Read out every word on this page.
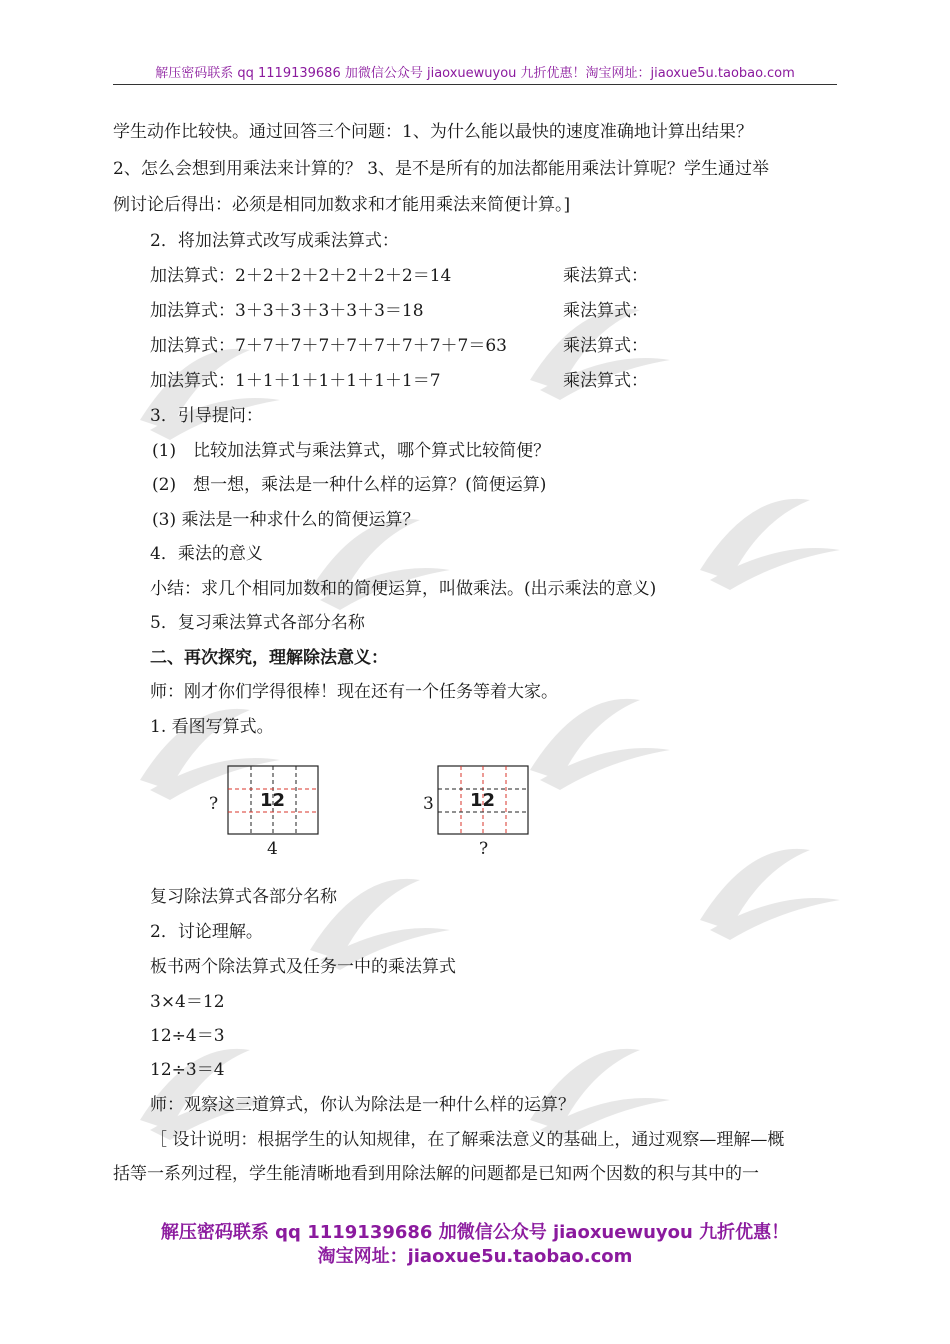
解压密码联系 qq 1119139686 加微信公众号 jiaoxuewuyou 九折优惠！淘宝网址：jiaoxue5u.taobao.com
学生动作比较快。通过回答三个问题：1、为什么能以最快的速度准确地计算出结果？
2、怎么会想到用乘法来计算的？ 3、是不是所有的加法都能用乘法计算呢？学生通过举
例讨论后得出：必须是相同加数求和才能用乘法来简便计算。]
2．将加法算式改写成乘法算式：
加法算式：2＋2＋2＋2＋2＋2＋2＝14	乘法算式：
加法算式：3＋3＋3＋3＋3＋3＝18	乘法算式：
加法算式：7＋7＋7＋7＋7＋7＋7＋7＋7＝63	乘法算式：
加法算式：1＋1＋1＋1＋1＋1＋1＝7	乘法算式：
3．引导提问：
(1)　比较加法算式与乘法算式，哪个算式比较简便？
(2)　想一想，乘法是一种什么样的运算？(简便运算)
(3) 乘法是一种求什么的简便运算？
4．乘法的意义
小结：求几个相同加数和的简便运算，叫做乘法。(出示乘法的意义)
5．复习乘法算式各部分名称
二、再次探究，理解除法意义：
师：刚才你们学得很棒！现在还有一个任务等着大家。
1. 看图写算式。
? 12
4
3 12
?
复习除法算式各部分名称
2．讨论理解。
板书两个除法算式及任务一中的乘法算式
3×4＝12
12÷4＝3
12÷3＝4
师：观察这三道算式，你认为除法是一种什么样的运算？
［ 设计说明：根据学生的认知规律，在了解乘法意义的基础上，通过观察—理解—概
括等一系列过程，学生能清晰地看到用除法解的问题都是已知两个因数的积与其中的一
解压密码联系 qq 1119139686 加微信公众号 jiaoxuewuyou 九折优惠！
淘宝网址：jiaoxue5u.taobao.com
